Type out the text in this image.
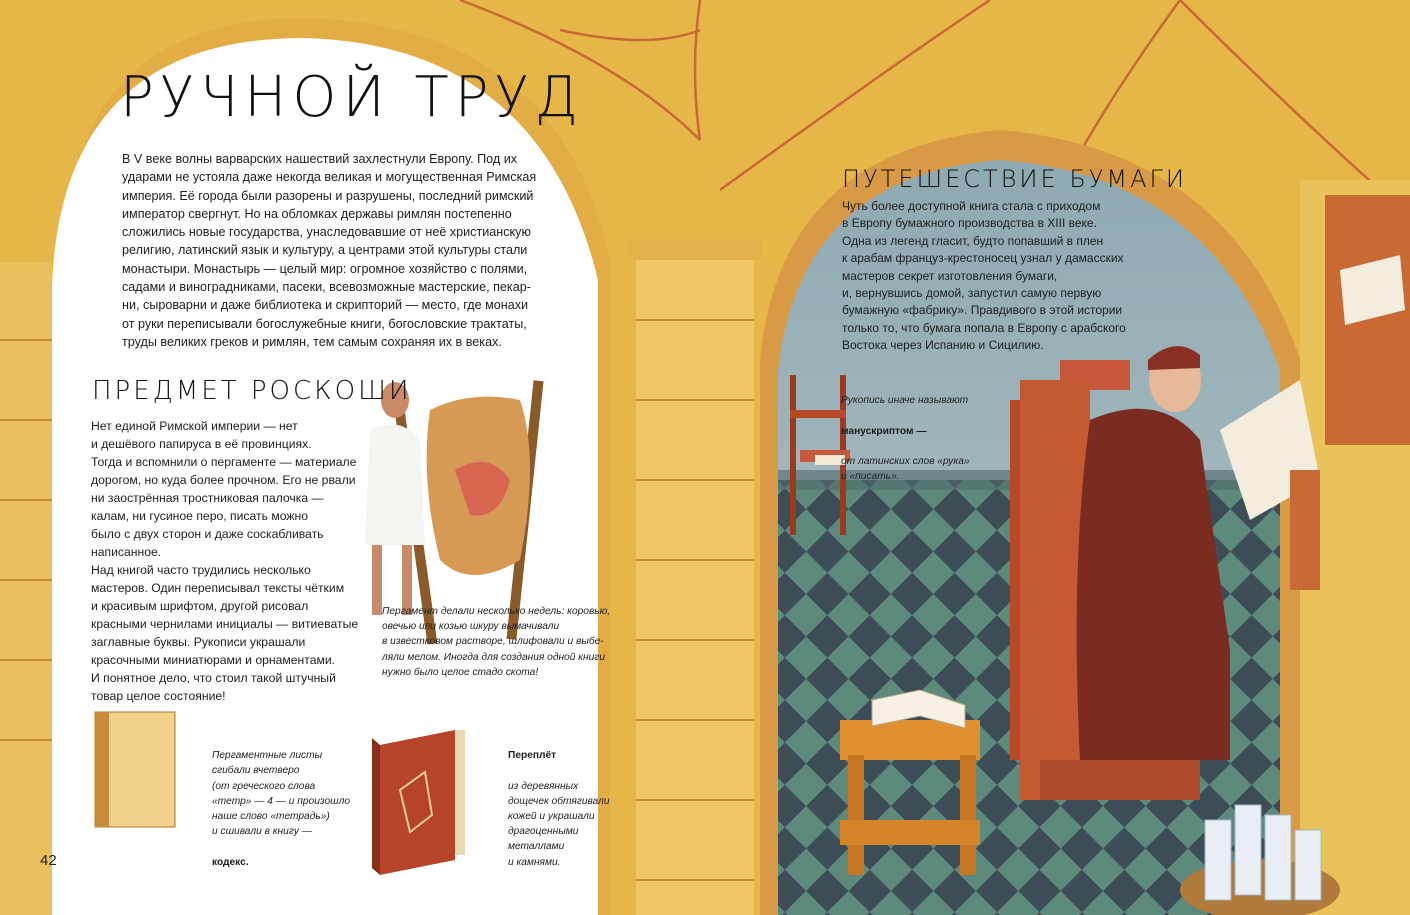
42
РУЧНОЙ ТРУД
В V веке волны варварских нашествий захлестнули Европу. Под их
ударами не устояла даже некогда великая и могущественная Римская
империя. Её города были разорены и разрушены, последний римский
император свергнут. Но на обломках державы римлян постепенно
сложились новые государства, унаследовавшие от неё христианскую
религию, латинский язык и культуру, а центрами этой культуры стали
монастыри. Монастырь — целый мир: огромное хозяйство с полями,
садами и виноградниками, пасеки, всевозможные мастерские, пекар-
ни, сыроварни и даже библиотека и скрипторий — место, где монахи
от руки переписывали богослужебные книги, богословские трактаты,
труды великих греков и римлян, тем самым сохраняя их в веках.
ПРЕДМЕТ РОСКОШИ
Нет единой Римской империи — нет
и дешёвого папируса в её провинциях.
Тогда и вспомнили о пергаменте — материале
дорогом, но куда более прочном. Его не рвали
ни заострённая тростниковая палочка —
калам, ни гусиное перо, писать можно
было с двух сторон и даже соскабливать
написанное.
Над книгой часто трудились несколько
мастеров. Один переписывал тексты чётким
и красивым шрифтом, другой рисовал
красными чернилами инициалы — витиеватые
заглавные буквы. Рукописи украшали
красочными миниатюрами и орнаментами.
И понятное дело, что стоил такой штучный
товар целое состояние!
Пергамент делали несколько недель: коровью,
овечью или козью шкуру вымачивали
в известковом растворе, шлифовали и выбе-
ляли мелом. Иногда для создания одной книги
нужно было целое стадо скота!

Пергаментные листы
сгибали вчетверо
(от греческого слова
«тетр» — 4 — и произошло
наше слово «тетрадь»)
и сшивали в книгу —

кодекс.

Переплёт

из деревянных
дощечек обтягивали
кожей и украшали
драгоценными
металлами
и камнями.

ПУТЕШЕСТВИЕ БУМАГИ
Чуть более доступной книга стала с приходом
в Европу бумажного производства в XIII веке.
Одна из легенд гласит, будто попавший в плен
к арабам француз-крестоносец узнал у дамасских
мастеров секрет изготовления бумаги,
и, вернувшись домой, запустил самую первую
бумажную «фабрику». Правдивого в этой истории
только то, что бумага попала в Европу с арабского
Востока через Испанию и Сицилию.

Рукопись иначе называют

манускриптом —

от латинских слов «рука»
и «писать».
